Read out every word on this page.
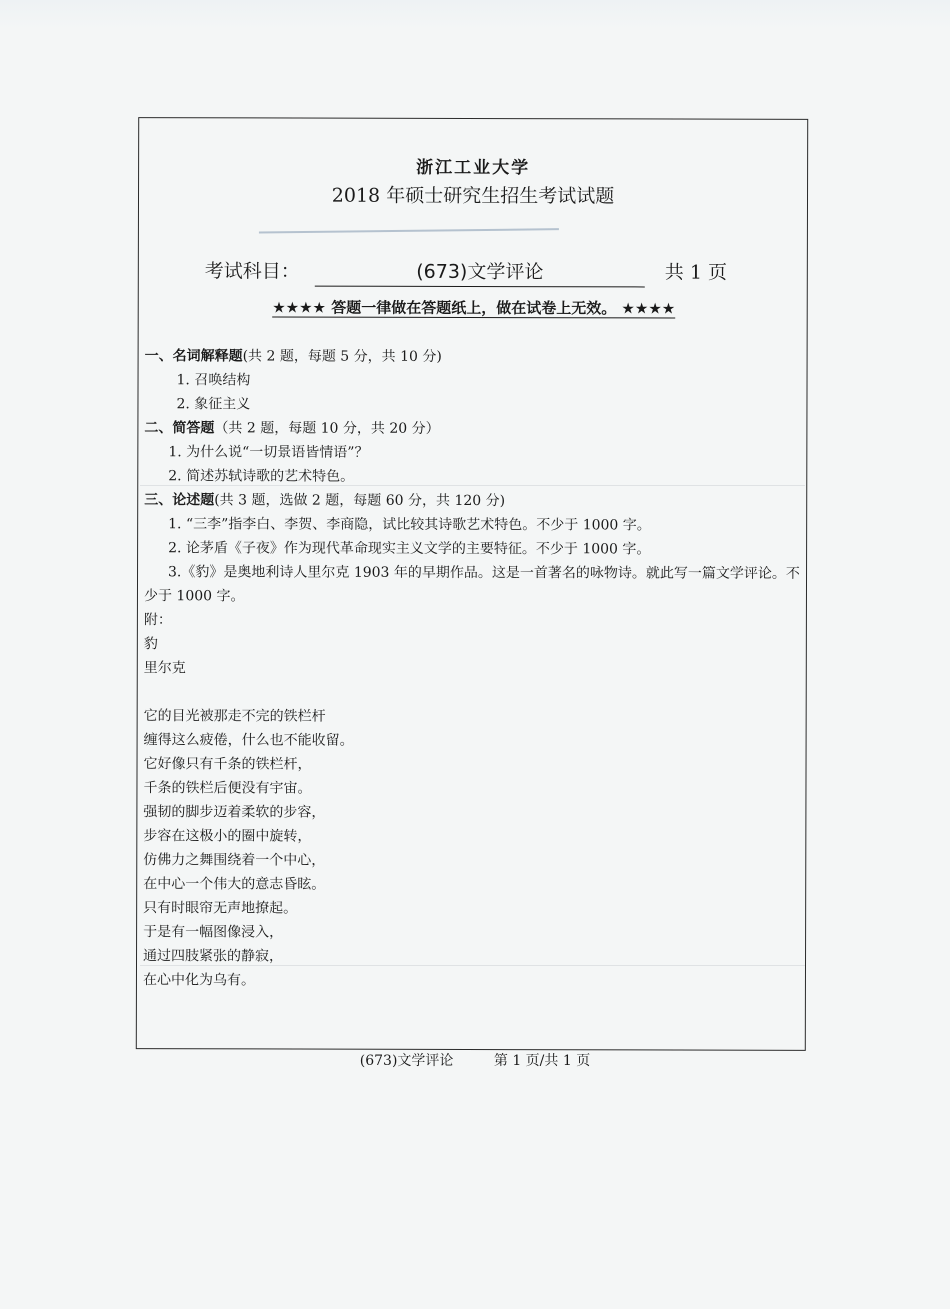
浙江工业大学
2018 年硕士研究生招生考试试题
考试科目：	(673)文学评论	共 1 页
★★★★ 答题一律做在答题纸上，做在试卷上无效。 ★★★★

一、名词解释题(共 2 题，每题 5 分，共 10 分)

1. 召唤结构

2. 象征主义

二、简答题（共 2 题，每题 10 分，共 20 分）

1. 为什么说“一切景语皆情语”？

2. 简述苏轼诗歌的艺术特色。

三、论述题(共 3 题，选做 2 题，每题 60 分，共 120 分)

1. “三李”指李白、李贺、李商隐，试比较其诗歌艺术特色。不少于 1000 字。

2. 论茅盾《子夜》作为现代革命现实主义文学的主要特征。不少于 1000 字。

3.《豹》是奥地利诗人里尔克 1903 年的早期作品。这是一首著名的咏物诗。就此写一篇文学评论。不少于 1000 字。

附：

豹

里尔克

它的目光被那走不完的铁栏杆

缠得这么疲倦，什么也不能收留。

它好像只有千条的铁栏杆，

千条的铁栏后便没有宇宙。

强韧的脚步迈着柔软的步容，

步容在这极小的圈中旋转，

仿佛力之舞围绕着一个中心，

在中心一个伟大的意志昏眩。

只有时眼帘无声地撩起。

于是有一幅图像浸入，

通过四肢紧张的静寂，

在心中化为乌有。

(673)文学评论	第 1 页/共 1 页
